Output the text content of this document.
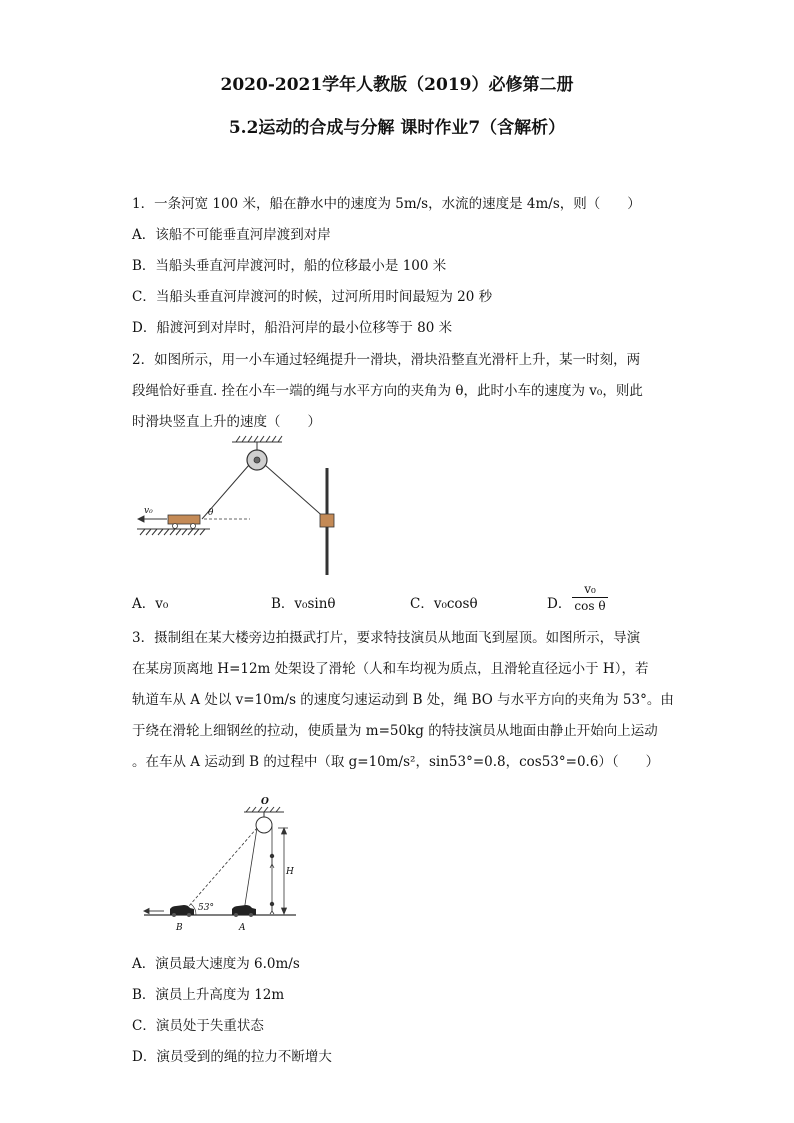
2020-2021学年人教版（2019）必修第二册
5.2运动的合成与分解 课时作业7（含解析）
1．一条河宽 100 米，船在静水中的速度为 5m/s，水流的速度是 4m/s，则（　　）
A．该船不可能垂直河岸渡到对岸
B．当船头垂直河岸渡河时，船的位移最小是 100 米
C．当船头垂直河岸渡河的时候，过河所用时间最短为 20 秒
D．船渡河到对岸时，船沿河岸的最小位移等于 80 米
2．如图所示，用一小车通过轻绳提升一滑块，滑块沿整直光滑杆上升，某一时刻，两
段绳恰好垂直. 拴在小车一端的绳与水平方向的夹角为 θ，此时小车的速度为 v₀，则此
时滑块竖直上升的速度（　　）
θ
v₀
A．v₀	B．v₀sinθ	C．v₀cosθ	D． $\frac{\text{v₀}}{\text{cos θ}}$
3．摄制组在某大楼旁边拍摄武打片，要求特技演员从地面飞到屋顶。如图所示，导演
在某房顶离地 H=12m 处架设了滑轮（人和车均视为质点，且滑轮直径远小于 H），若
轨道车从 A 处以 v=10m/s 的速度匀速运动到 B 处，绳 BO 与水平方向的夹角为 53°。由
于绕在滑轮上细钢丝的拉动，使质量为 m=50kg 的特技演员从地面由静止开始向上运动
。在车从 A 运动到 B 的过程中（取 g=10m/s²，sin53°=0.8，cos53°=0.6）（　　）
O
H
53°
B	A
A．演员最大速度为 6.0m/s
B．演员上升高度为 12m
C．演员处于失重状态
D．演员受到的绳的拉力不断增大
